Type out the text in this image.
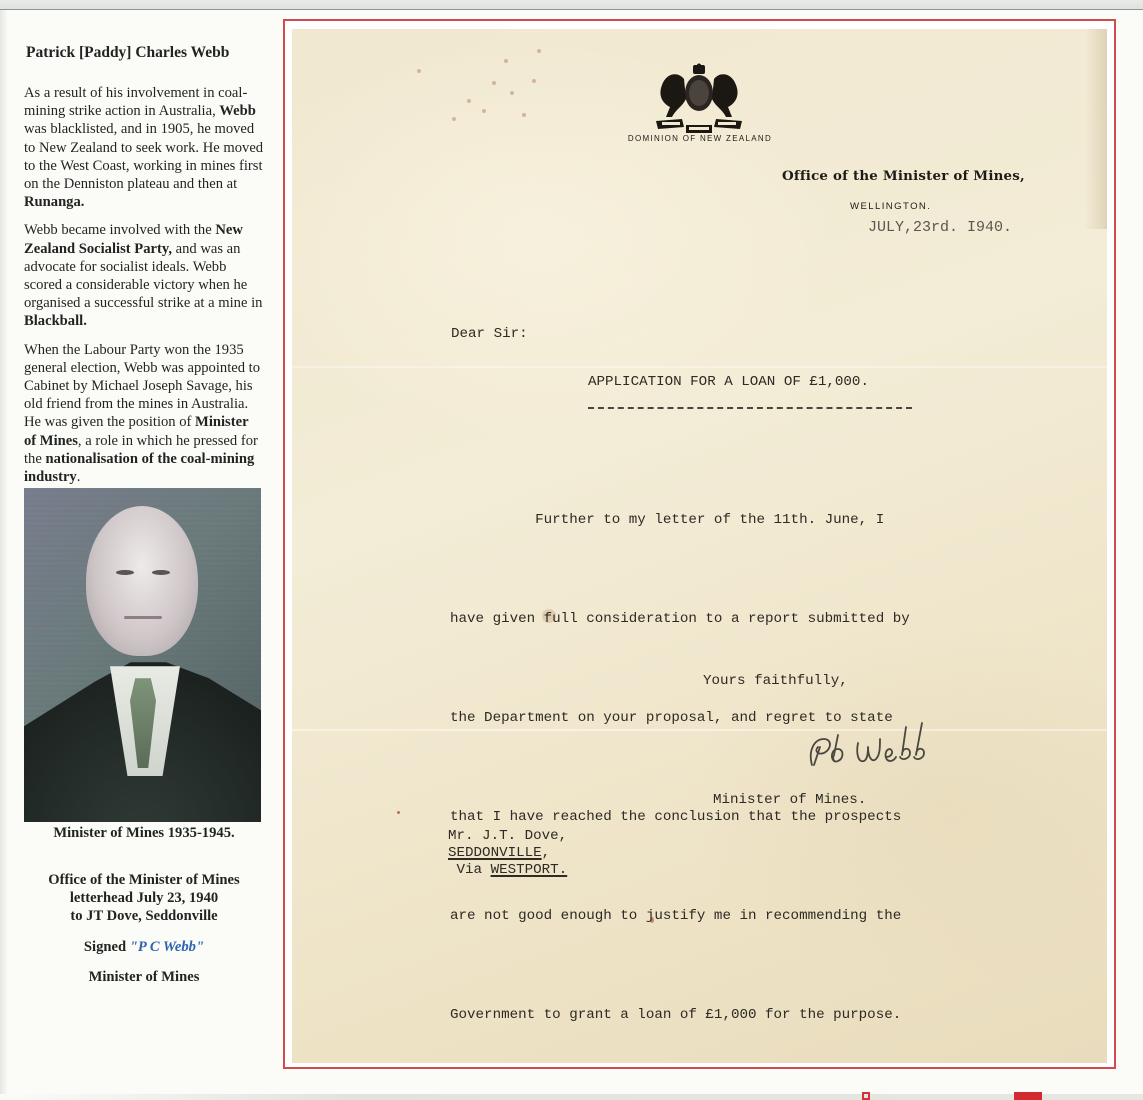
Patrick [Paddy] Charles Webb

As a result of his involvement in coal-mining strike action in Australia, Webb was blacklisted, and in 1905, he moved to New Zealand to seek work. He moved to the West Coast, working in mines first on the Denniston plateau and then at Runanga.

Webb became involved with the New Zealand Socialist Party, and was an advocate for socialist ideals. Webb scored a considerable victory when he organised a successful strike at a mine in Blackball.

When the Labour Party won the 1935 general election, Webb was appointed to Cabinet by Michael Joseph Savage, his old friend from the mines in Australia. He was given the position of Minister of Mines, a role in which he pressed for the nationalisation of the coal-mining industry.

Minister of Mines 1935-1945.
Office of the Minister of Mines
letterhead July 23, 1940
to JT Dove, Seddonville
Signed "P C Webb"
Minister of Mines
DOMINION OF NEW ZEALAND
Office of the Minister of Mines,
WELLINGTON.
JULY,23rd. I940.
Dear Sir:
APPLICATION FOR A LOAN OF £1,000.

Further to my letter of the 11th. June, I

have given full consideration to a report submitted by

the Department on your proposal, and regret to state

that I have reached the conclusion that the prospects

are not good enough to justify me in recommending the

Government to grant a loan of £1,000 for the purpose.

Yours faithfully,
Minister of Mines.
Mr. J.T. Dove,
SEDDONVILLE,
Via WESTPORT.
